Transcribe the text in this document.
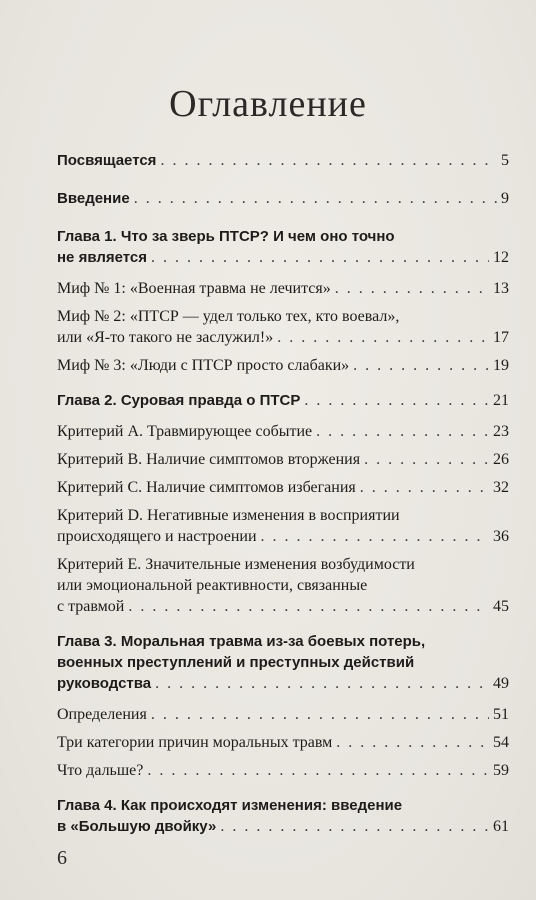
Оглавление
Посвящается . . .	5
Введение . . .	9
Глава 1. Что за зверь ПТСР? И чем оно точно
не является . . .	12
Миф № 1: «Военная травма не лечится» . . .	13
Миф № 2: «ПТСР — удел только тех, кто воевал»,
или «Я-то такого не заслужил!» . . .	17
Миф № 3: «Люди с ПТСР просто слабаки» . . .	19
Глава 2. Суровая правда о ПТСР . . .	21
Критерий A. Травмирующее событие . . .	23
Критерий B. Наличие симптомов вторжения . . .	26
Критерий C. Наличие симптомов избегания . . .	32
Критерий D. Негативные изменения в восприятии
происходящего и настроении . . .	36
Критерий E. Значительные изменения возбудимости
или эмоциональной реактивности, связанные
с травмой . . .	45
Глава 3. Моральная травма из-за боевых потерь,
военных преступлений и преступных действий
руководства . . .	49
Определения . . .	51
Три категории причин моральных травм . . .	54
Что дальше? . . .	59
Глава 4. Как происходят изменения: введение
в «Большую двойку» . . .	61
6
